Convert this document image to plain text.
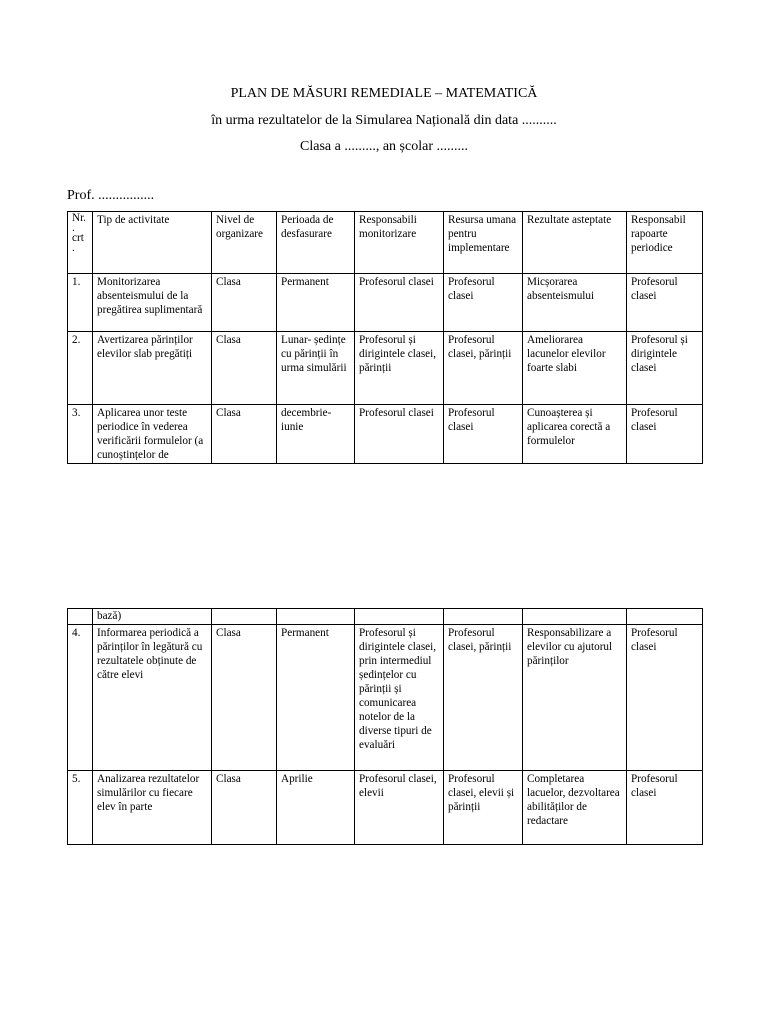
PLAN DE MĂSURI REMEDIALE – MATEMATICĂ
în urma rezultatelor de la Simularea Națională din data ..........
Clasa a ........., an școlar .........
Prof. ................
Nr.
.
crt
.	Tip de activitate	Nivel de organizare	Perioada de desfasurare	Responsabili monitorizare	Resursa umana pentru implementare	Rezultate asteptate	Responsabil rapoarte periodice
1.	Monitorizarea absenteismului de la pregătirea suplimentară	Clasa	Permanent	Profesorul clasei	Profesorul clasei	Micșorarea absenteismului	Profesorul clasei
2.	Avertizarea părinților elevilor slab pregătiți	Clasa	Lunar- ședințe cu părinții în urma simulării	Profesorul și dirigintele clasei, părinții	Profesorul clasei, părinții	Ameliorarea lacunelor elevilor foarte slabi	Profesorul și dirigintele clasei
3.	Aplicarea unor teste periodice în vederea verificării formulelor (a cunoștințelor de	Clasa	decembrie- iunie	Profesorul clasei	Profesorul clasei	Cunoașterea și aplicarea corectă a formulelor	Profesorul clasei
	bază)						
4.	Informarea periodică a părinților în legătură cu rezultatele obținute de către elevi	Clasa	Permanent	Profesorul și dirigintele clasei, prin intermediul ședințelor cu părinții și comunicarea notelor de la diverse tipuri de evaluări	Profesorul clasei, părinții	Responsabilizare a elevilor cu ajutorul părinților	Profesorul clasei
5.	Analizarea rezultatelor simulărilor cu fiecare elev în parte	Clasa	Aprilie	Profesorul clasei, elevii	Profesorul clasei, elevii și părinții	Completarea lacuelor, dezvoltarea abilităților de redactare	Profesorul clasei
